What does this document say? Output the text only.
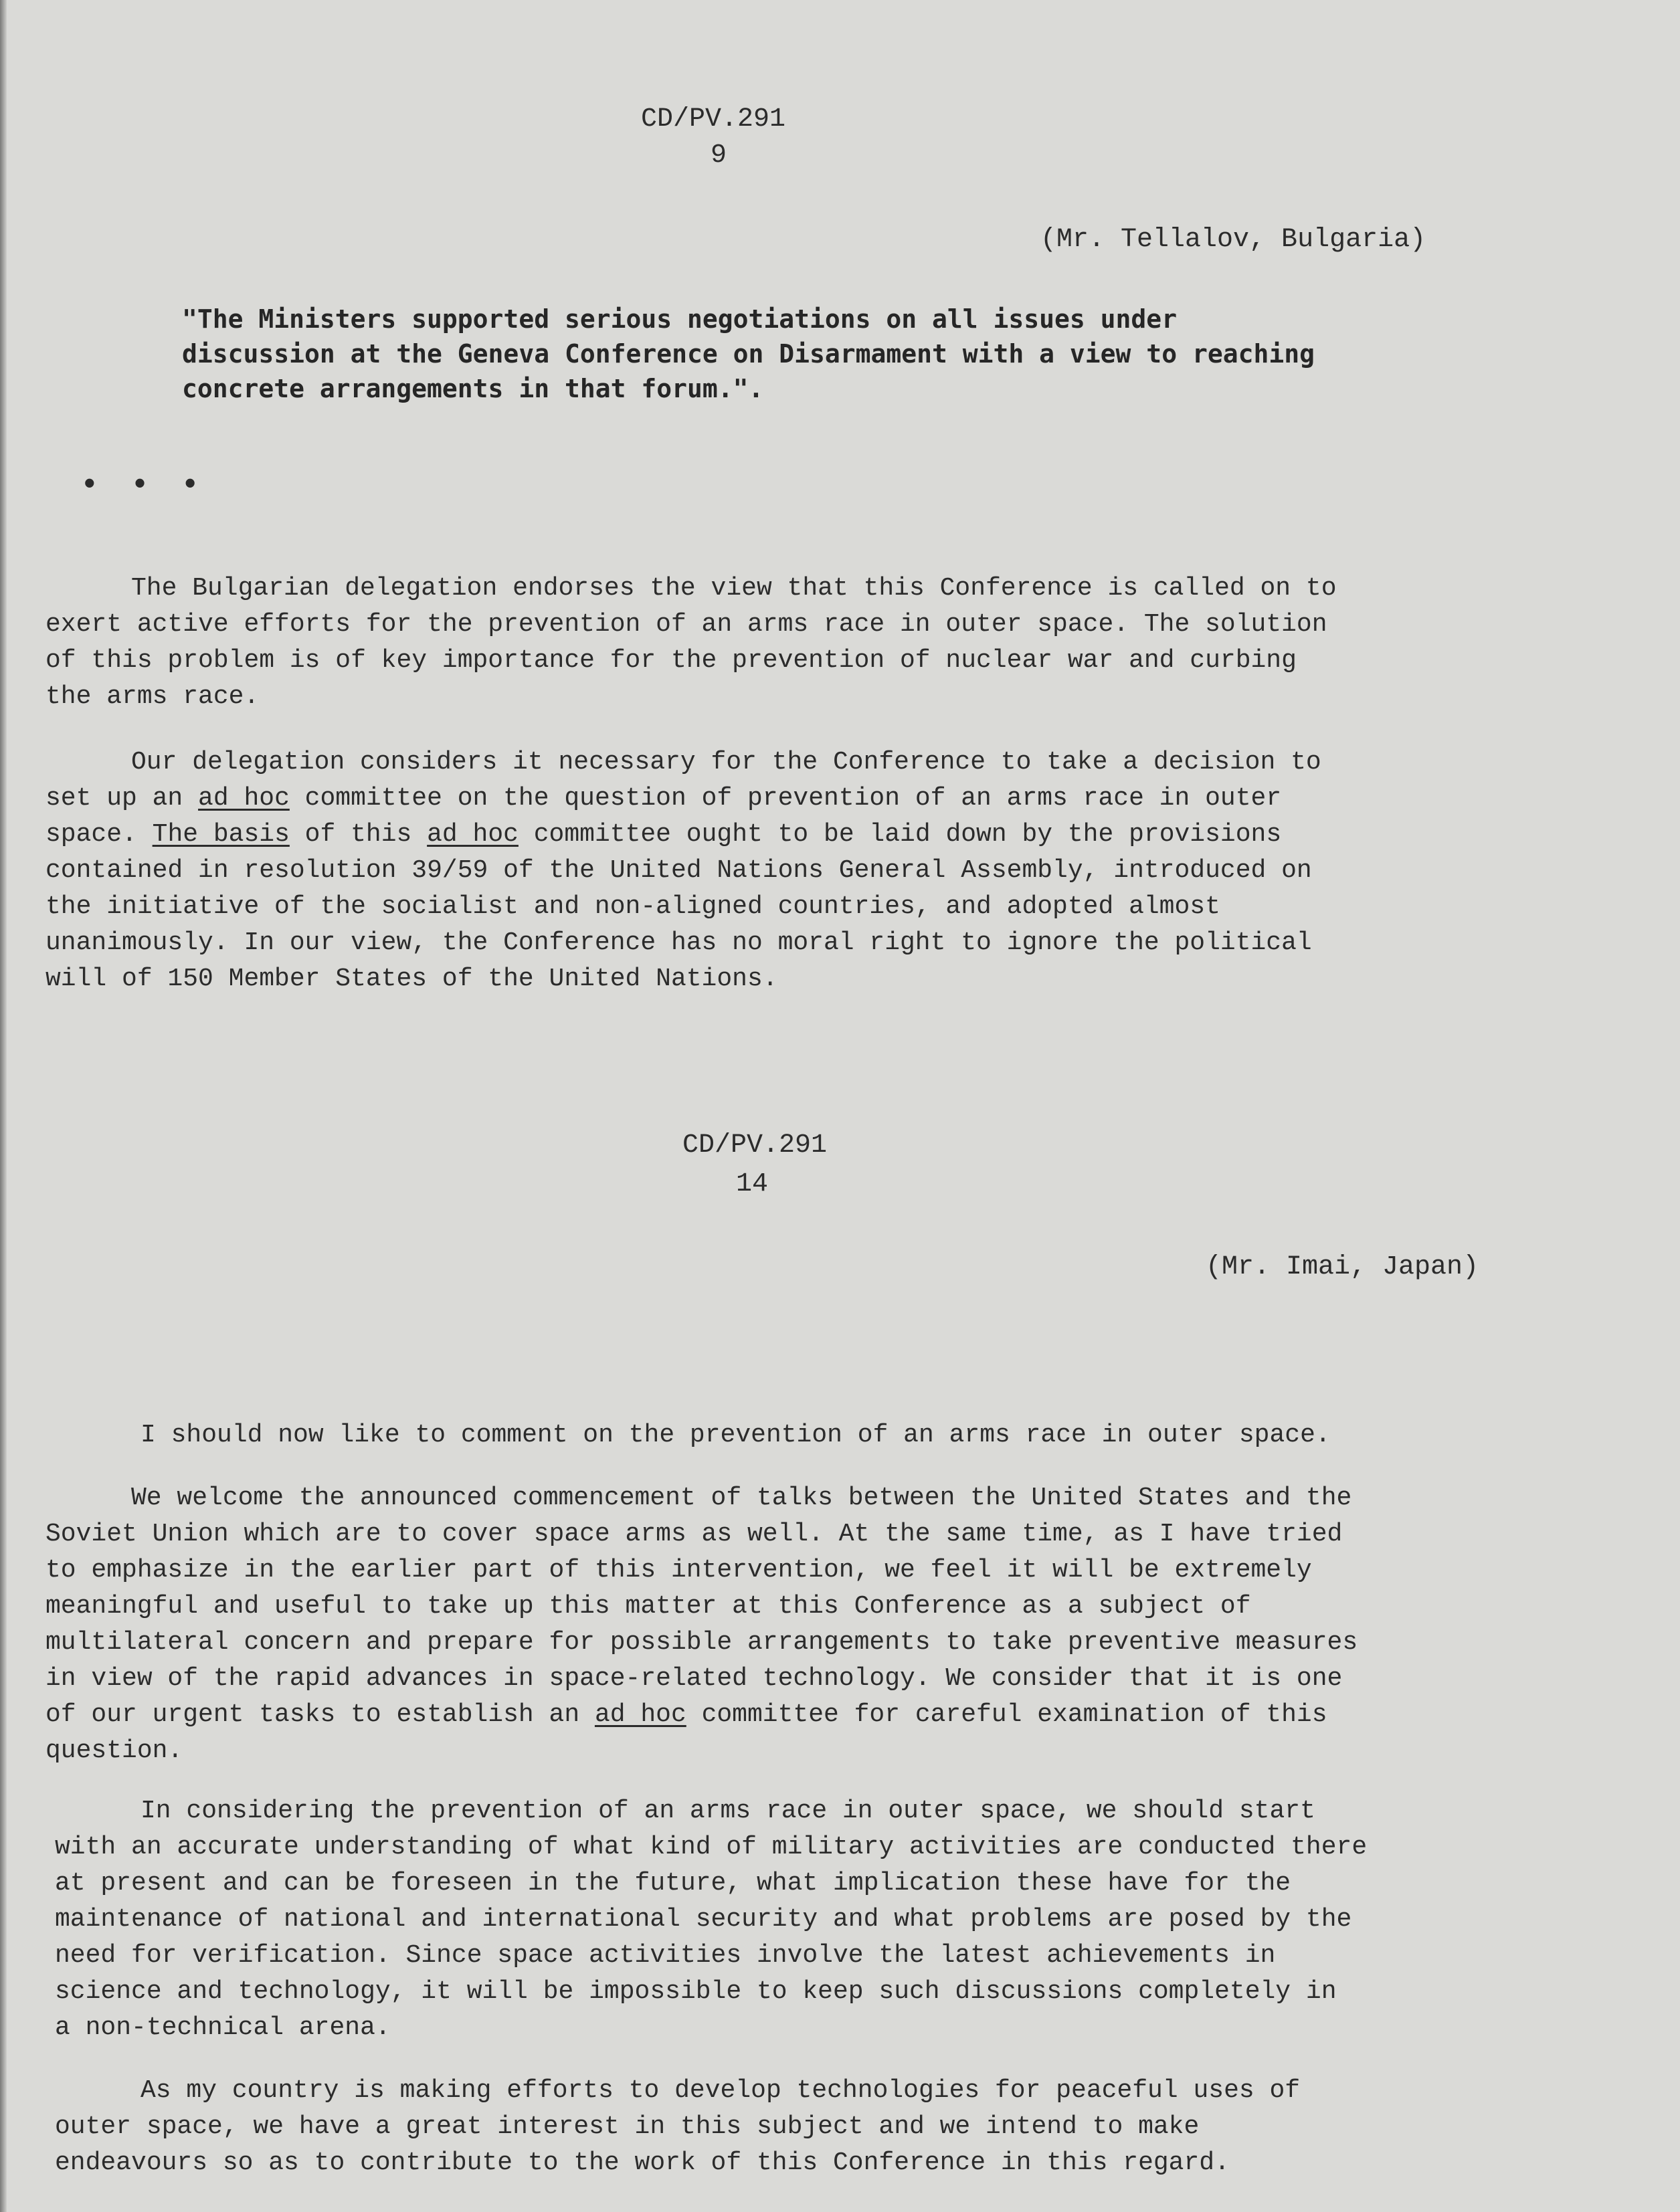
CD/PV.291
9
(Mr. Tellalov, Bulgaria)
"The Ministers supported serious negotiations on all issues under
discussion at the Geneva Conference on Disarmament with a view to reaching
concrete arrangements in that forum.".
• • •
The Bulgarian delegation endorses the view that this Conference is called on to
exert active efforts for the prevention of an arms race in outer space. The solution
of this problem is of key importance for the prevention of nuclear war and curbing
the arms race.
Our delegation considers it necessary for the Conference to take a decision to
set up an ad hoc committee on the question of prevention of an arms race in outer
space. The basis of this ad hoc committee ought to be laid down by the provisions
contained in resolution 39/59 of the United Nations General Assembly, introduced on
the initiative of the socialist and non-aligned countries, and adopted almost
unanimously. In our view, the Conference has no moral right to ignore the political
will of 150 Member States of the United Nations.
CD/PV.291
14
(Mr. Imai, Japan)
I should now like to comment on the prevention of an arms race in outer space.
We welcome the announced commencement of talks between the United States and the
Soviet Union which are to cover space arms as well. At the same time, as I have tried
to emphasize in the earlier part of this intervention, we feel it will be extremely
meaningful and useful to take up this matter at this Conference as a subject of
multilateral concern and prepare for possible arrangements to take preventive measures
in view of the rapid advances in space-related technology. We consider that it is one
of our urgent tasks to establish an ad hoc committee for careful examination of this
question.
In considering the prevention of an arms race in outer space, we should start
with an accurate understanding of what kind of military activities are conducted there
at present and can be foreseen in the future, what implication these have for the
maintenance of national and international security and what problems are posed by the
need for verification. Since space activities involve the latest achievements in
science and technology, it will be impossible to keep such discussions completely in
a non-technical arena.
As my country is making efforts to develop technologies for peaceful uses of
outer space, we have a great interest in this subject and we intend to make
endeavours so as to contribute to the work of this Conference in this regard.
